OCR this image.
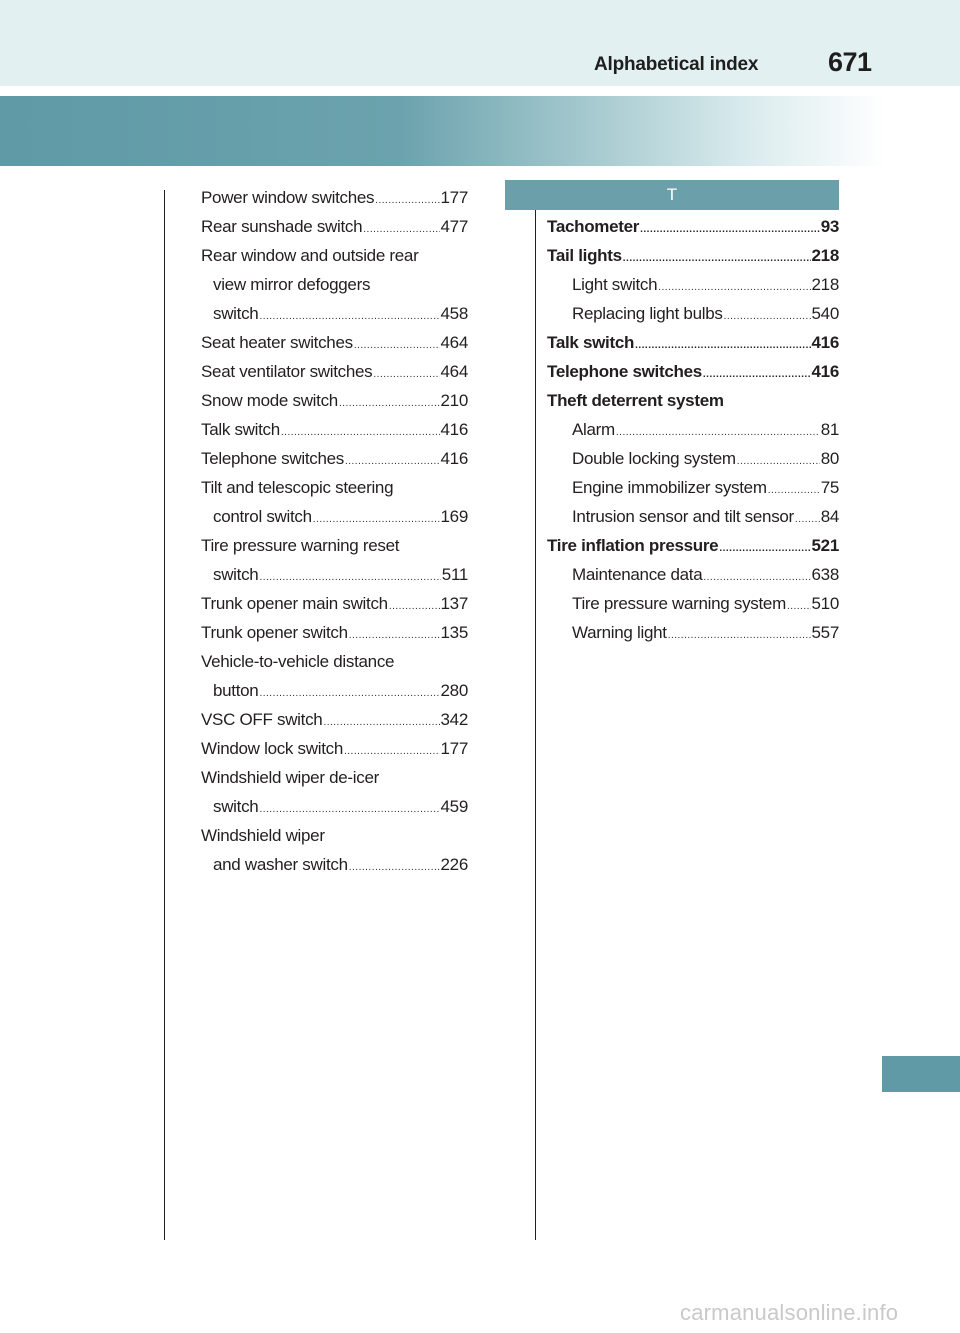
Alphabetical index	671
Power window switches .....	177
Rear sunshade switch .....	477
Rear window and outside rear
view mirror defoggers
switch .....	458
Seat heater switches .....	464
Seat ventilator switches .....	464
Snow mode switch .....	210
Talk switch .....	416
Telephone switches .....	416
Tilt and telescopic steering
control switch .....	169
Tire pressure warning reset
switch .....	511
Trunk opener main switch .....	137
Trunk opener switch .....	135
Vehicle-to-vehicle distance
button .....	280
VSC OFF switch .....	342
Window lock switch .....	177
Windshield wiper de-icer
switch .....	459
Windshield wiper
and washer switch .....	226
T
Tachometer .....	93
Tail lights .....	218
Light switch .....	218
Replacing light bulbs .....	540
Talk switch .....	416
Telephone switches .....	416
Theft deterrent system
Alarm .....	81
Double locking system .....	80
Engine immobilizer system .....	75
Intrusion sensor and tilt sensor ..... 84
Tire inflation pressure .....	521
Maintenance data .....	638
Tire pressure warning system ..... 510
Warning light .....	557
carmanualsonline.info
